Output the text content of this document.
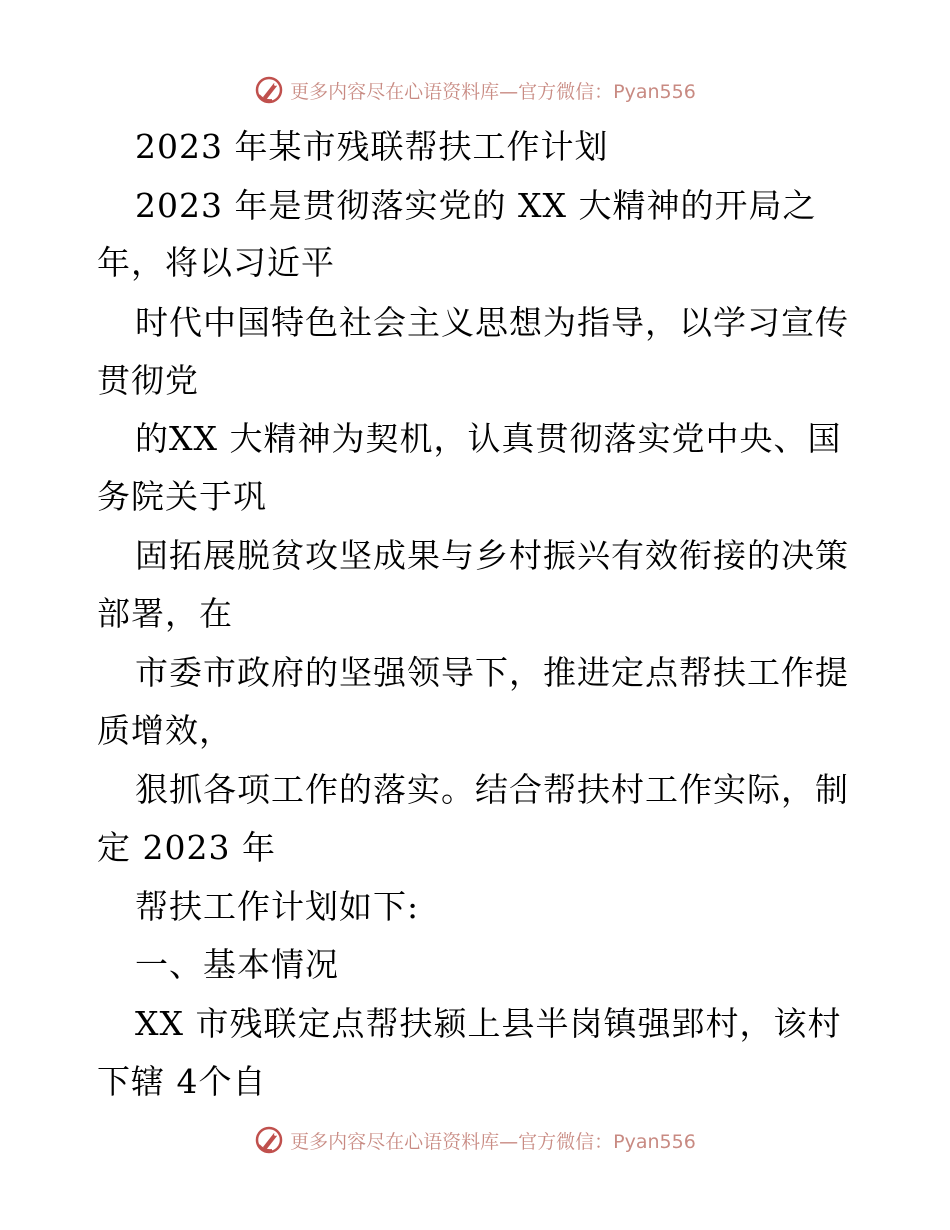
更多内容尽在心语资料库—官方微信：Pyan556
2023 年某市残联帮扶工作计划
2023 年是贯彻落实党的 XX 大精神的开局之
年，将以习近平
时代中国特色社会主义思想为指导，以学习宣传
贯彻党
的XX 大精神为契机，认真贯彻落实党中央、国
务院关于巩
固拓展脱贫攻坚成果与乡村振兴有效衔接的决策
部署，在
市委市政府的坚强领导下，推进定点帮扶工作提
质增效，
狠抓各项工作的落实。结合帮扶村工作实际，制
定 2023 年
帮扶工作计划如下:
一、基本情况
XX 市残联定点帮扶颍上县半岗镇强郢村，该村
下辖 4个自
更多内容尽在心语资料库—官方微信：Pyan556
